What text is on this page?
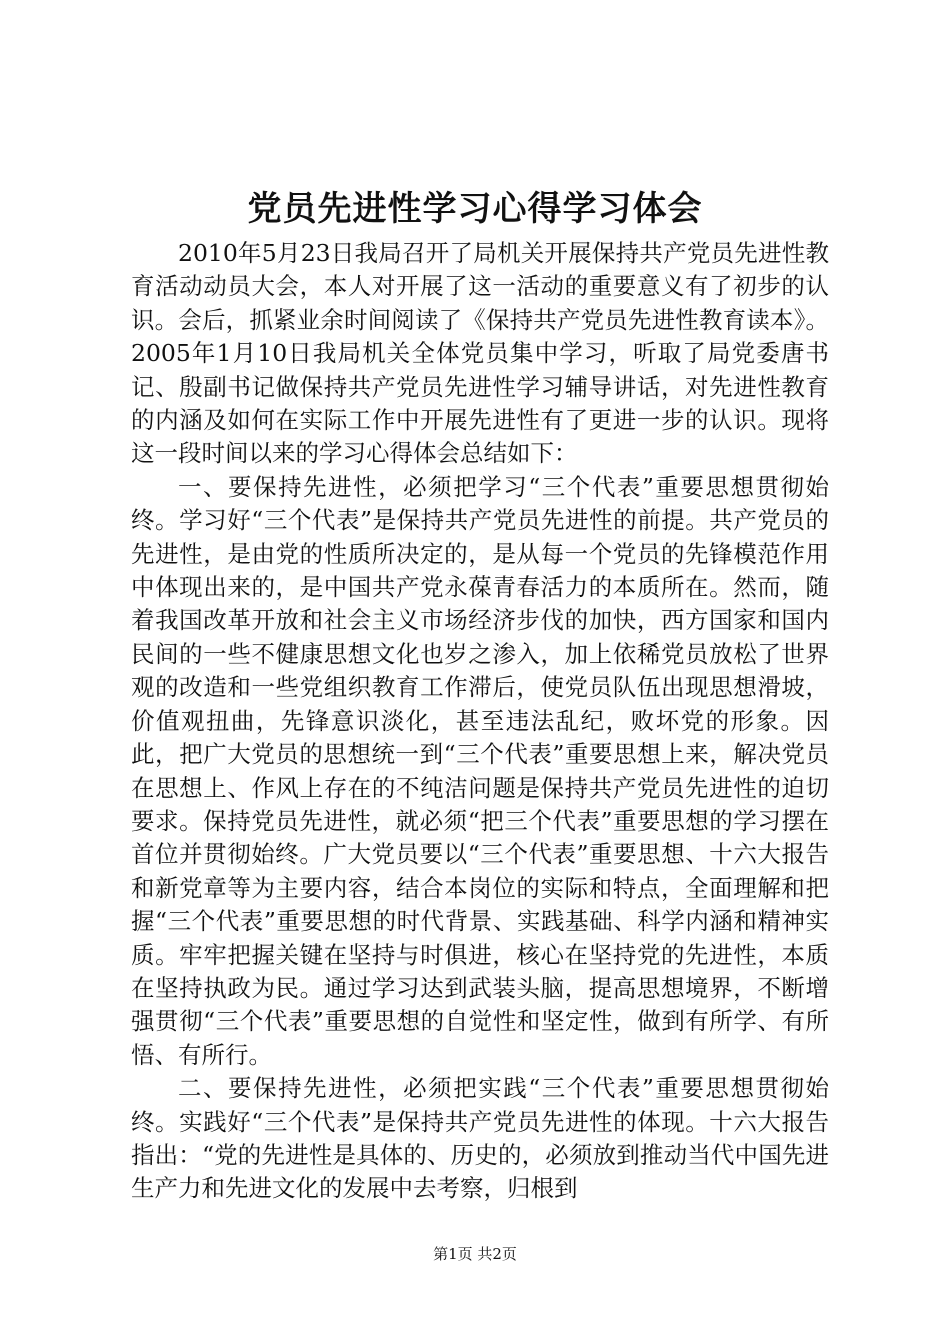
党员先进性学习心得学习体会

2010年5月23日我局召开了局机关开展保持共产党员先进性教育活动动员大会，本人对开展了这一活动的重要意义有了初步的认识。会后，抓紧业余时间阅读了《保持共产党员先进性教育读本》。2005年1月10日我局机关全体党员集中学习，听取了局党委唐书记、殷副书记做保持共产党员先进性学习辅导讲话，对先进性教育的内涵及如何在实际工作中开展先进性有了更进一步的认识。现将这一段时间以来的学习心得体会总结如下：

一、要保持先进性，必须把学习“三个代表”重要思想贯彻始终。学习好“三个代表”是保持共产党员先进性的前提。共产党员的先进性，是由党的性质所决定的，是从每一个党员的先锋模范作用中体现出来的，是中国共产党永葆青春活力的本质所在。然而，随着我国改革开放和社会主义市场经济步伐的加快，西方国家和国内民间的一些不健康思想文化也岁之渗入，加上依稀党员放松了世界观的改造和一些党组织教育工作滞后，使党员队伍出现思想滑坡，价值观扭曲，先锋意识淡化，甚至违法乱纪，败坏党的形象。因此，把广大党员的思想统一到“三个代表”重要思想上来，解决党员在思想上、作风上存在的不纯洁问题是保持共产党员先进性的迫切要求。保持党员先进性，就必须“把三个代表”重要思想的学习摆在首位并贯彻始终。广大党员要以“三个代表”重要思想、十六大报告和新党章等为主要内容，结合本岗位的实际和特点，全面理解和把握“三个代表”重要思想的时代背景、实践基础、科学内涵和精神实质。牢牢把握关键在坚持与时俱进，核心在坚持党的先进性，本质在坚持执政为民。通过学习达到武装头脑，提高思想境界，不断增强贯彻“三个代表”重要思想的自觉性和坚定性，做到有所学、有所悟、有所行。

二、要保持先进性，必须把实践“三个代表”重要思想贯彻始终。实践好“三个代表”是保持共产党员先进性的体现。十六大报告指出：“党的先进性是具体的、历史的，必须放到推动当代中国先进生产力和先进文化的发展中去考察，归根到

第1页 共2页
